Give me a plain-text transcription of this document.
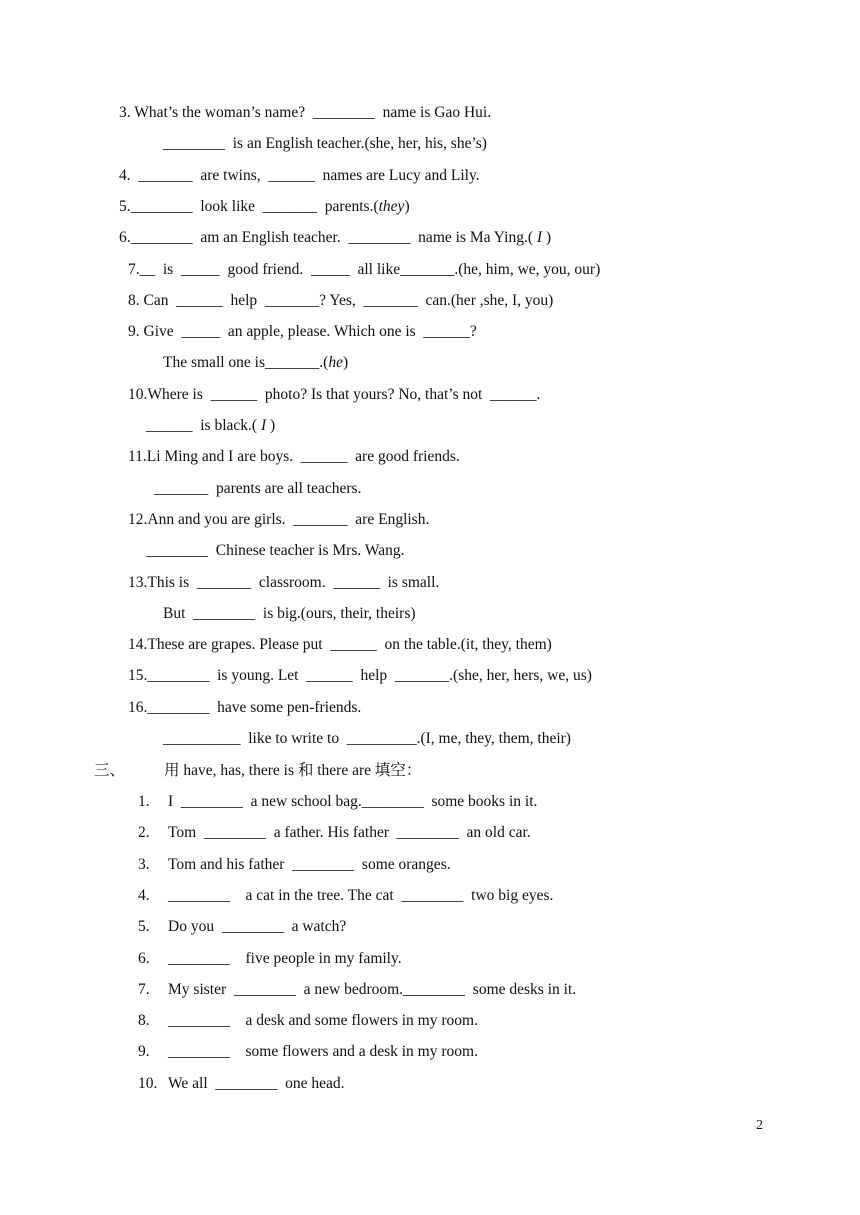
3. What’s the woman’s name?  ________  name is Gao Hui.
________  is an English teacher.(she, her, his, she’s)
4.  _______  are twins,  ______  names are Lucy and Lily.
5.________  look like  _______  parents.(they)
6.________  am an English teacher.  ________  name is Ma Ying.( I )
7.__  is  _____  good friend.  _____  all like_______.(he, him, we, you, our)
8. Can  ______  help  _______? Yes,  _______  can.(her ,she, I, you)
9. Give  _____  an apple, please. Which one is  ______?
The small one is_______.(he)
10.Where is  ______  photo? Is that yours? No, that’s not  ______.
______  is black.( I )
11.Li Ming and I are boys.  ______  are good friends.
_______  parents are all teachers.
12.Ann and you are girls.  _______  are English.
________  Chinese teacher is Mrs. Wang.
13.This is  _______  classroom.  ______  is small.
But  ________  is big.(ours, their, theirs)
14.These are grapes. Please put  ______  on the table.(it, they, them)
15.________  is young. Let  ______  help  _______.(she, her, hers, we, us)
16.________  have some pen-friends.
__________  like to write to  _________.(I, me, they, them, their)
三、	用 have, has, there is 和 there are 填空：
1. I  ________  a new school bag.________  some books in it.
2. Tom  ________  a father. His father  ________  an old car.
3. Tom and his father  ________  some oranges.
4. ________    a cat in the tree. The cat  ________  two big eyes.
5. Do you  ________  a watch?
6. ________    five people in my family.
7. My sister  ________  a new bedroom.________  some desks in it.
8. ________    a desk and some flowers in my room.
9. ________    some flowers and a desk in my room.
10. We all  ________  one head.
2
